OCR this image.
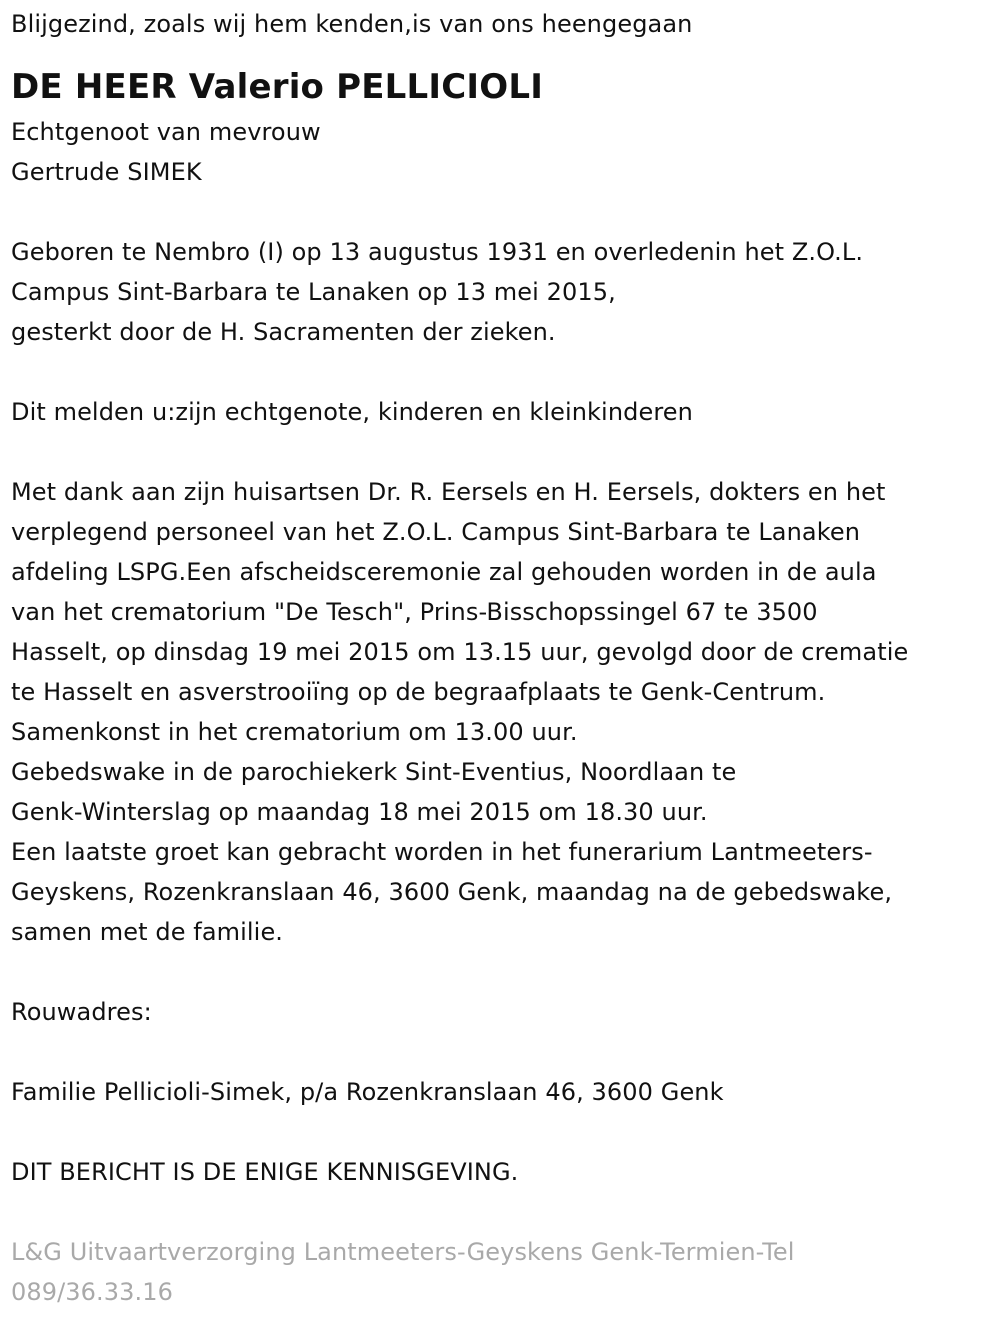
Blijgezind, zoals wij hem kenden,is van ons heengegaan
DE HEER Valerio PELLICIOLI
Echtgenoot van mevrouw
Gertrude SIMEK
Geboren te Nembro (I) op 13 augustus 1931 en overledenin het Z.O.L.
Campus Sint-Barbara te Lanaken op 13 mei 2015,
gesterkt door de H. Sacramenten der zieken.
Dit melden u:zijn echtgenote, kinderen en kleinkinderen
Met dank aan zijn huisartsen Dr. R. Eersels en H. Eersels, dokters en het
verplegend personeel van het Z.O.L. Campus Sint-Barbara te Lanaken
afdeling LSPG.Een afscheidsceremonie zal gehouden worden in de aula
van het crematorium "De Tesch", Prins-Bisschopssingel 67 te 3500
Hasselt, op dinsdag 19 mei 2015 om 13.15 uur, gevolgd door de crematie
te Hasselt en asverstrooiïng op de begraafplaats te Genk-Centrum.
Samenkonst in het crematorium om 13.00 uur.
Gebedswake in de parochiekerk Sint-Eventius, Noordlaan te
Genk-Winterslag op maandag 18 mei 2015 om 18.30 uur.
Een laatste groet kan gebracht worden in het funerarium Lantmeeters-
Geyskens, Rozenkranslaan 46, 3600 Genk, maandag na de gebedswake,
samen met de familie.
Rouwadres:
Familie Pellicioli-Simek, p/a Rozenkranslaan 46, 3600 Genk
DIT BERICHT IS DE ENIGE KENNISGEVING.
L&G Uitvaartverzorging Lantmeeters-Geyskens Genk-Termien-Tel
089/36.33.16
